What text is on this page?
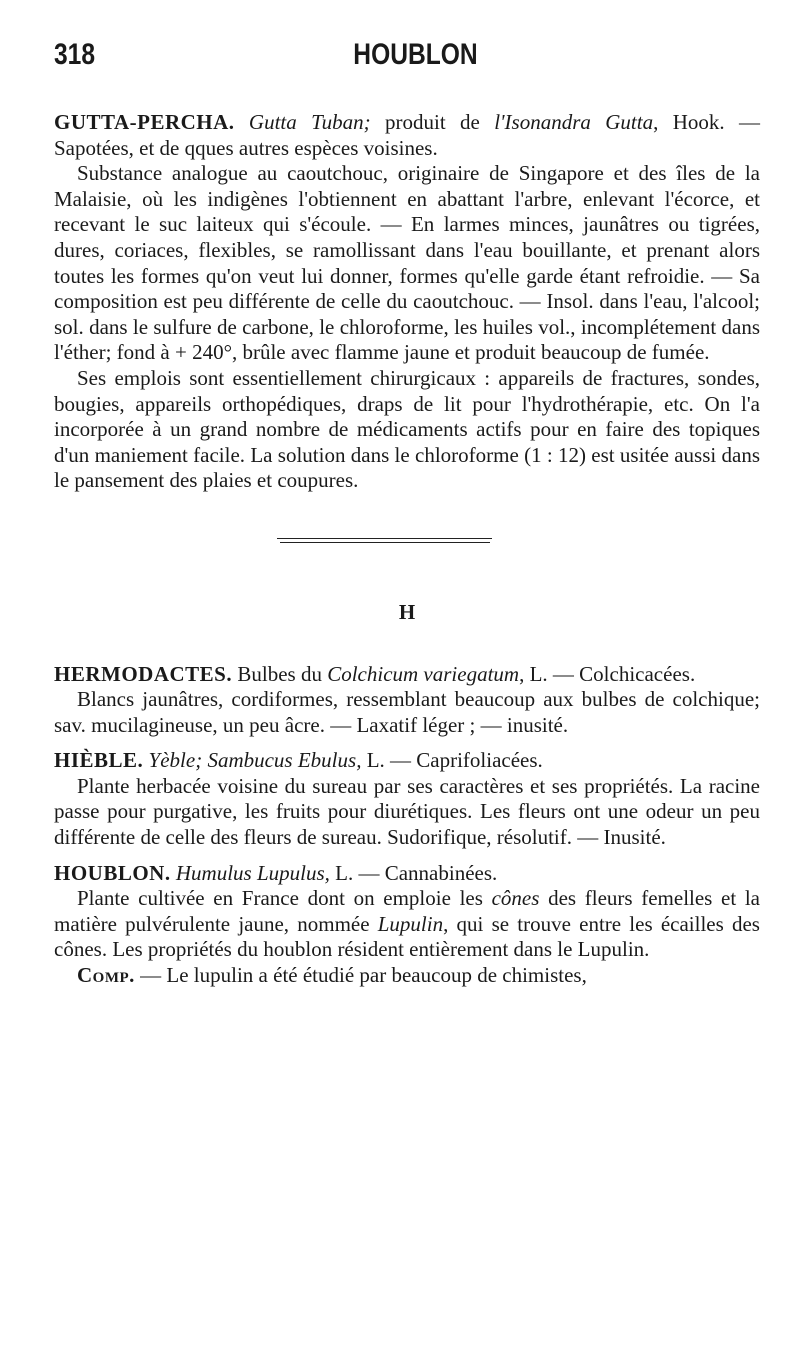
318	HOUBLON

GUTTA-PERCHA. Gutta Tuban; produit de l'Isonandra Gutta, Hook. — Sapotées, et de qques autres espèces voisines.

Substance analogue au caoutchouc, originaire de Singapore et des îles de la Malaisie, où les indigènes l'obtiennent en abattant l'arbre, enlevant l'écorce, et recevant le suc laiteux qui s'écoule. — En larmes minces, jaunâtres ou tigrées, dures, coriaces, flexibles, se ramollissant dans l'eau bouillante, et prenant alors toutes les formes qu'on veut lui donner, formes qu'elle garde étant refroidie. — Sa composition est peu différente de celle du caoutchouc. — Insol. dans l'eau, l'alcool; sol. dans le sulfure de carbone, le chloroforme, les huiles vol., incomplétement dans l'éther; fond à + 240°, brûle avec flamme jaune et produit beaucoup de fumée.

Ses emplois sont essentiellement chirurgicaux : appareils de fractures, sondes, bougies, appareils orthopédiques, draps de lit pour l'hydrothérapie, etc. On l'a incorporée à un grand nombre de médicaments actifs pour en faire des topiques d'un maniement facile. La solution dans le chloroforme (1 : 12) est usitée aussi dans le pansement des plaies et coupures.

H

HERMODACTES. Bulbes du Colchicum variegatum, L. — Colchicacées.

Blancs jaunâtres, cordiformes, ressemblant beaucoup aux bulbes de colchique; sav. mucilagineuse, un peu âcre. — Laxatif léger ; — inusité.

HIÈBLE. Yèble; Sambucus Ebulus, L. — Caprifoliacées.

Plante herbacée voisine du sureau par ses caractères et ses propriétés. La racine passe pour purgative, les fruits pour diurétiques. Les fleurs ont une odeur un peu différente de celle des fleurs de sureau. Sudorifique, résolutif. — Inusité.

HOUBLON. Humulus Lupulus, L. — Cannabinées.

Plante cultivée en France dont on emploie les cônes des fleurs femelles et la matière pulvérulente jaune, nommée Lupulin, qui se trouve entre les écailles des cônes. Les propriétés du houblon résident entièrement dans le Lupulin.

Comp. — Le lupulin a été étudié par beaucoup de chimistes,
